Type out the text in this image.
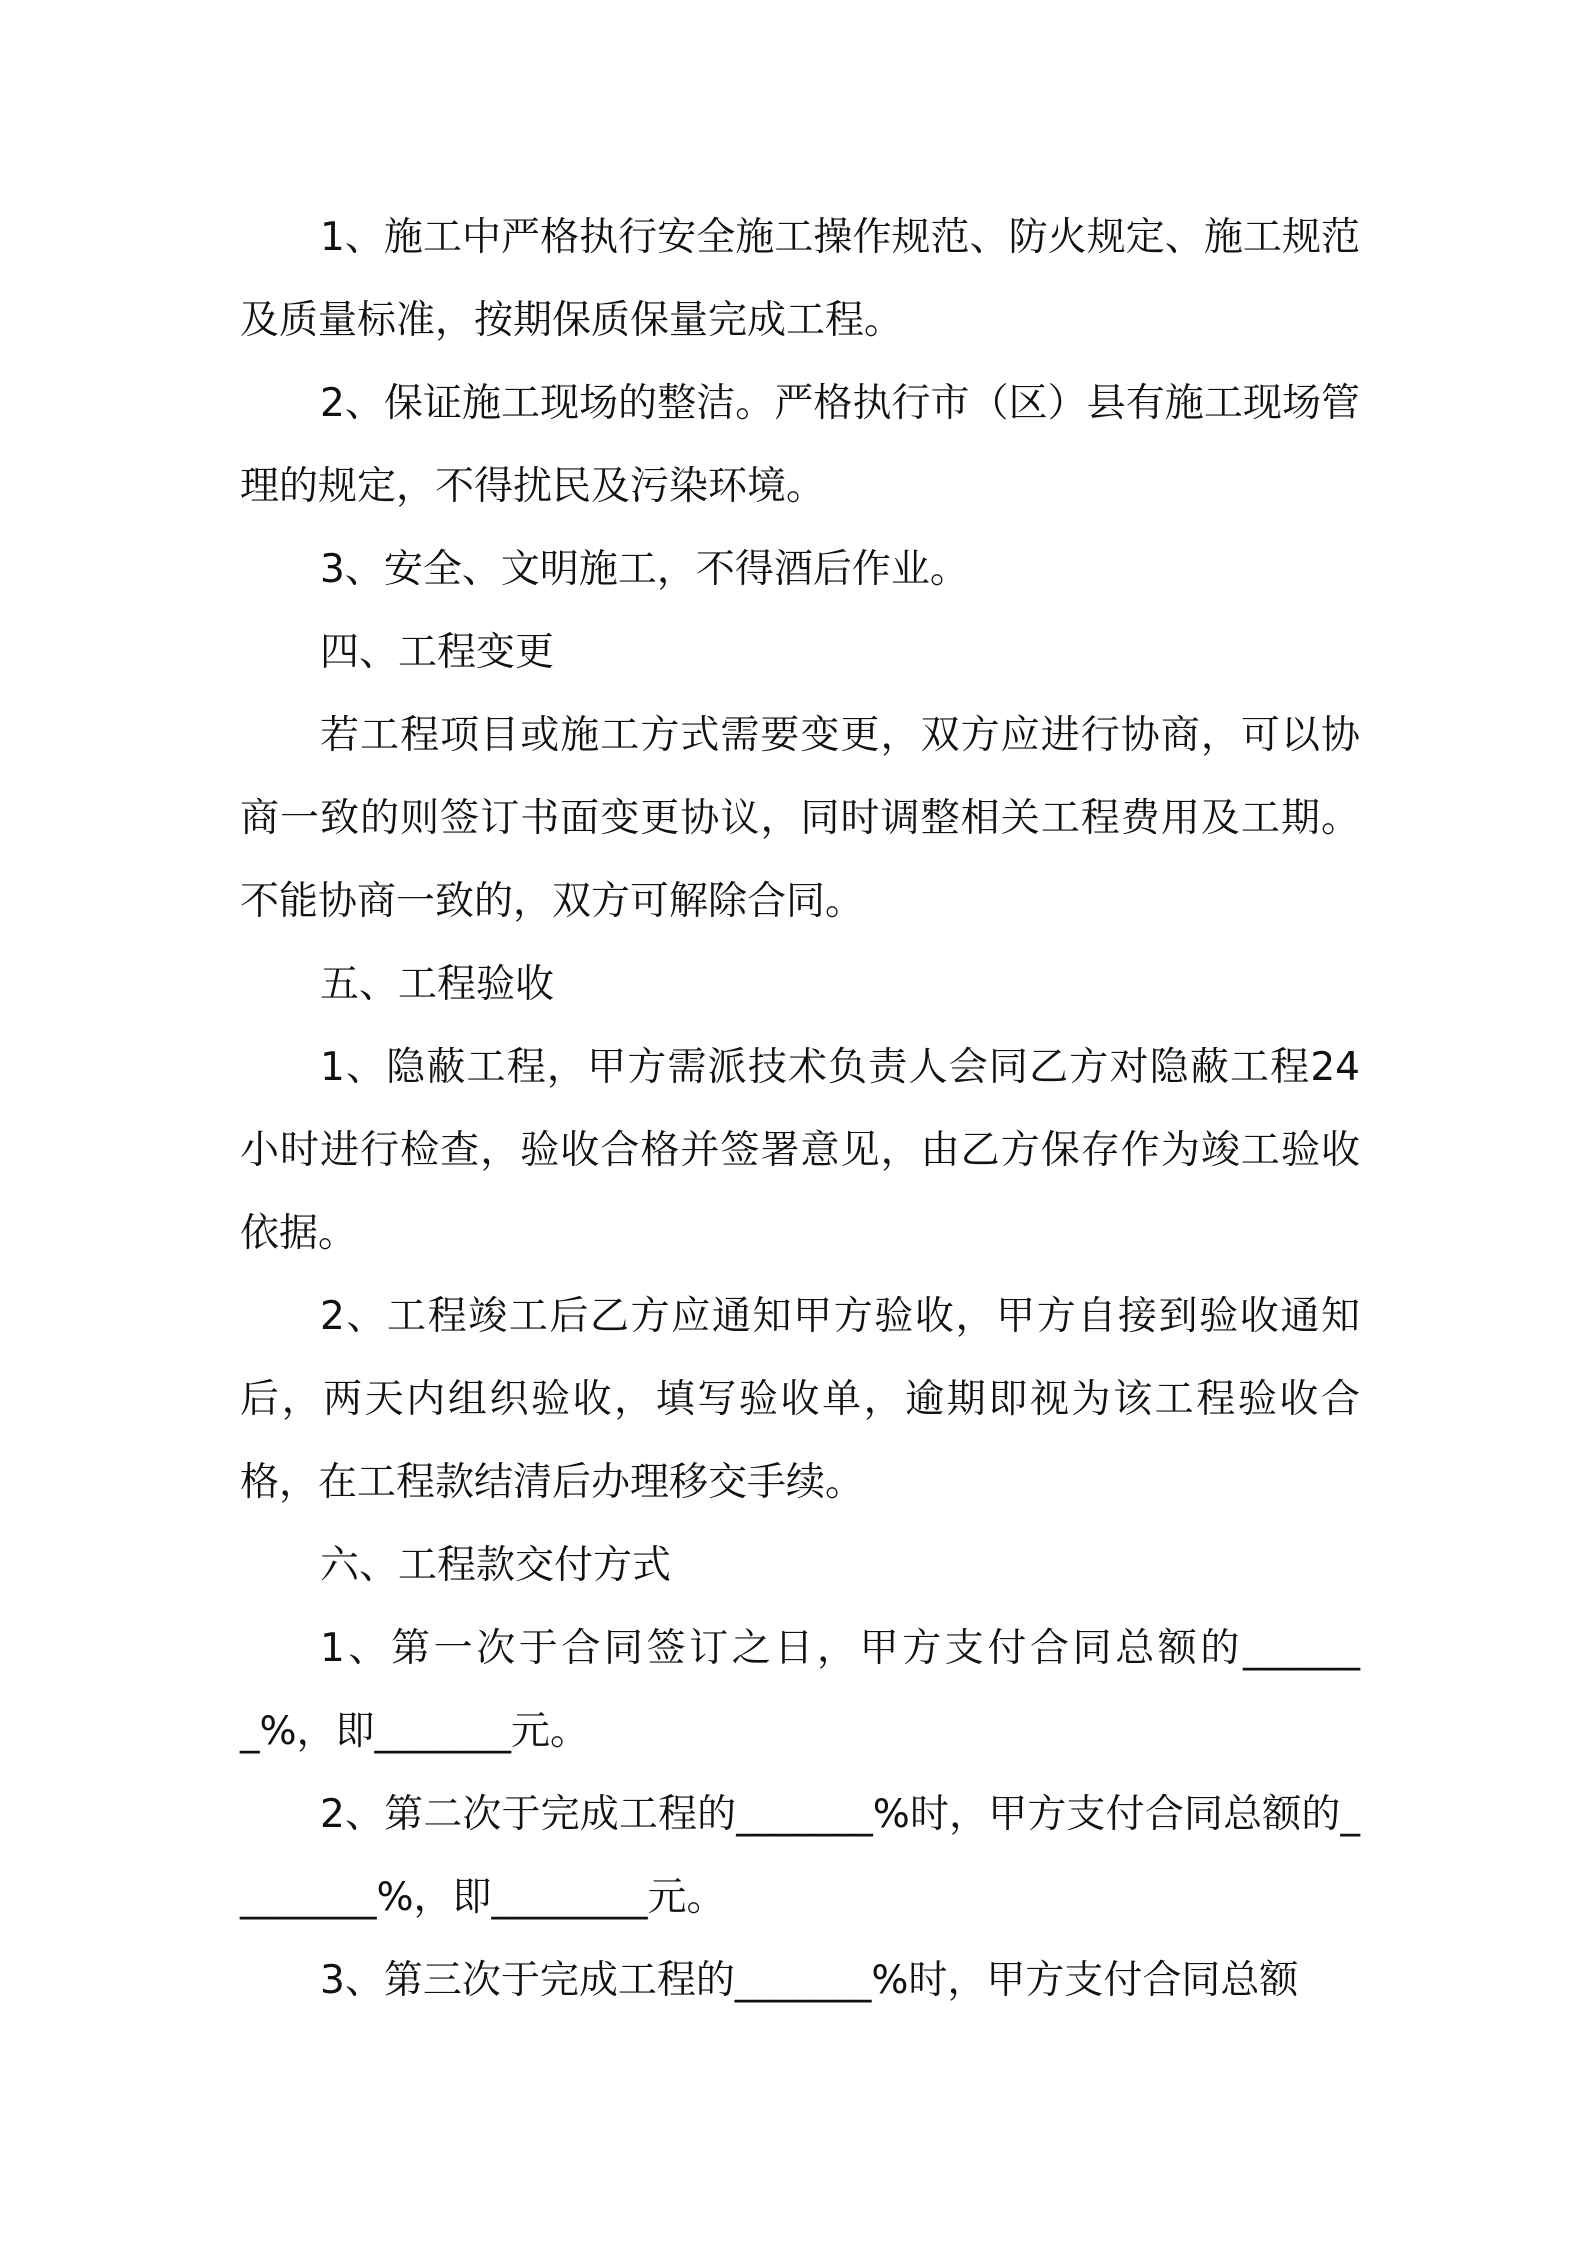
1、施工中严格执行安全施工操作规范、防火规定、施工规范及质量标准，按期保质保量完成工程。

2、保证施工现场的整洁。严格执行市（区）县有施工现场管理的规定，不得扰民及污染环境。

3、安全、文明施工，不得酒后作业。

四、工程变更

若工程项目或施工方式需要变更，双方应进行协商，可以协商一致的则签订书面变更协议，同时调整相关工程费用及工期。不能协商一致的，双方可解除合同。

五、工程验收

1、隐蔽工程，甲方需派技术负责人会同乙方对隐蔽工程24小时进行检查，验收合格并签署意见，由乙方保存作为竣工验收依据。

2、工程竣工后乙方应通知甲方验收，甲方自接到验收通知后，两天内组织验收，填写验收单，逾期即视为该工程验收合格，在工程款结清后办理移交手续。

六、工程款交付方式

1、第一次于合同签订之日，甲方支付合同总额的_______%，即_______元。

2、第二次于完成工程的_______%时，甲方支付合同总额的________%，即________元。

3、第三次于完成工程的_______%时，甲方支付合同总额
